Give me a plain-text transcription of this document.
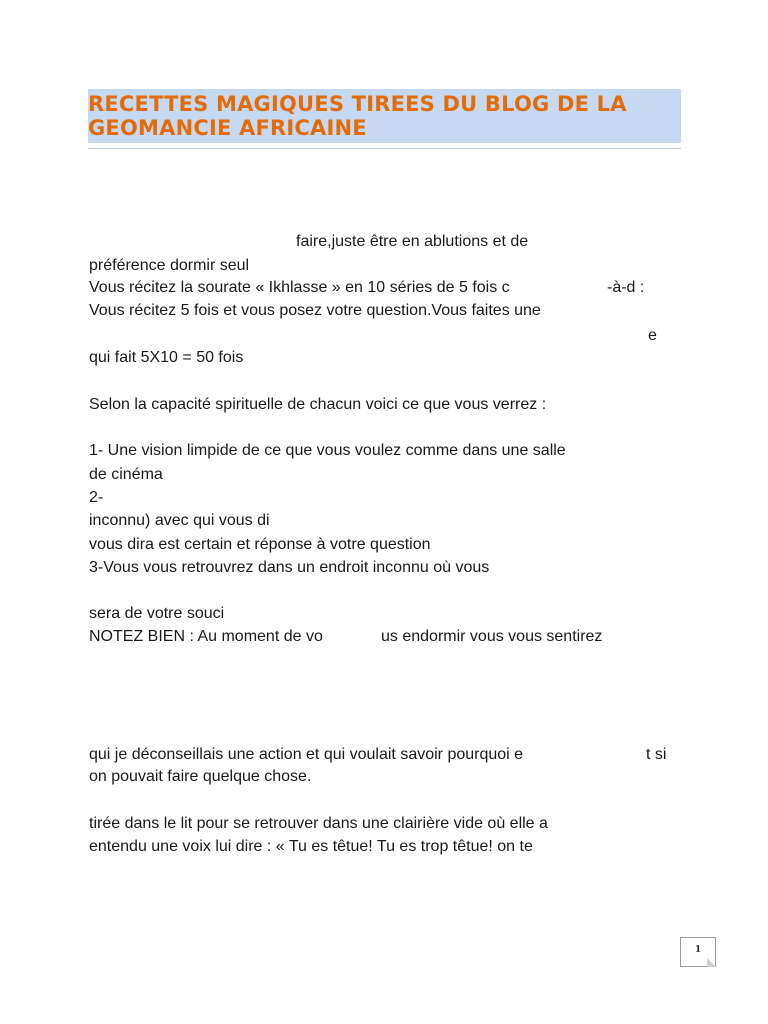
RECETTES MAGIQUES TIREES DU BLOG DE LA
GEOMANCIE AFRICAINE
faire,juste être en ablutions et de
préférence dormir seul
Vous récitez la sourate « Ikhlasse » en 10 séries de 5 fois c	-à-d :
Vous récitez 5 fois et vous posez votre question.Vous faites une
e
qui fait 5X10 = 50 fois
Selon la capacité spirituelle de chacun voici ce que vous verrez :
1- Une vision limpide de ce que vous voulez comme dans une salle
de cinéma
2-
inconnu) avec qui vous di
vous dira est certain et réponse à votre question
3-Vous vous retrouvrez dans un endroit inconnu où vous
sera de votre souci
NOTEZ BIEN : Au moment de vo	us endormir vous vous sentirez
qui je déconseillais une action et qui voulait savoir pourquoi e	t si
on pouvait faire quelque chose.
tirée dans le lit pour se retrouver dans une clairière vide où elle a
entendu une voix lui dire : « Tu es têtue! Tu es trop têtue! on te
1
